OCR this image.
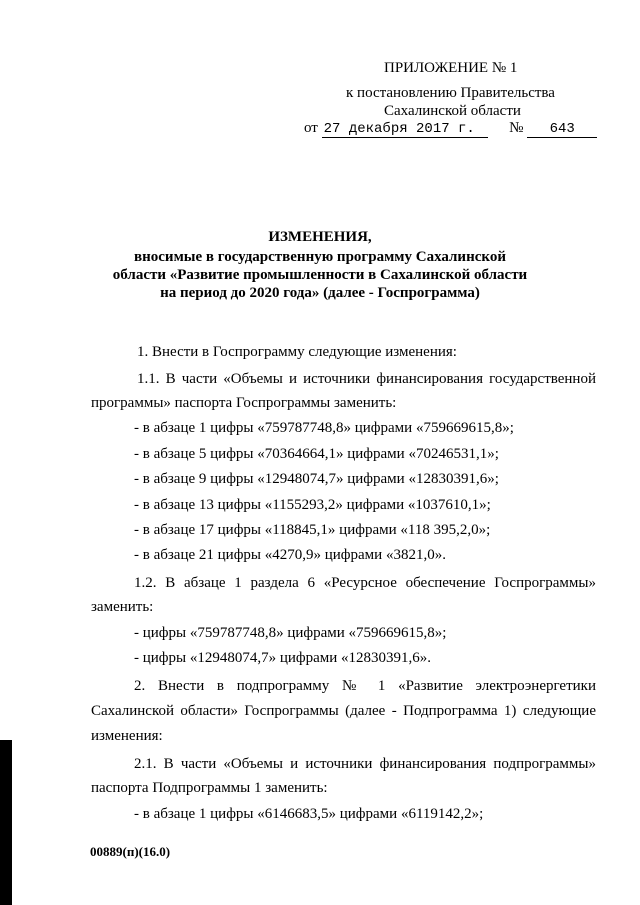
ПРИЛОЖЕНИЕ № 1
к постановлению Правительства
Сахалинской области
от 27 декабря 2017 г. № 643
ИЗМЕНЕНИЯ,
вносимые в государственную программу Сахалинской
области «Развитие промышленности в Сахалинской области
на период до 2020 года» (далее - Госпрограмма)
1. Внести в Госпрограмму следующие изменения:
1.1. В части «Объемы и источники финансирования государственной
программы» паспорта Госпрограммы заменить:
- в абзаце 1 цифры «759787748,8» цифрами «759669615,8»;
- в абзаце 5 цифры «70364664,1» цифрами «70246531,1»;
- в абзаце 9 цифры «12948074,7» цифрами «12830391,6»;
- в абзаце 13 цифры «1155293,2» цифрами «1037610,1»;
- в абзаце 17 цифры «118845,1» цифрами «118 395,2,0»;
- в абзаце 21 цифры «4270,9» цифрами «3821,0».
1.2. В абзаце 1 раздела 6 «Ресурсное обеспечение Госпрограммы»
заменить:
- цифры «759787748,8» цифрами «759669615,8»;
- цифры «12948074,7» цифрами «12830391,6».
2. Внести в подпрограмму № 1 «Развитие электроэнергетики
Сахалинской области» Госпрограммы (далее - Подпрограмма 1) следующие
изменения:
2.1. В части «Объемы и источники финансирования подпрограммы»
паспорта Подпрограммы 1 заменить:
- в абзаце 1 цифры «6146683,5» цифрами «6119142,2»;
00889(п)(16.0)
